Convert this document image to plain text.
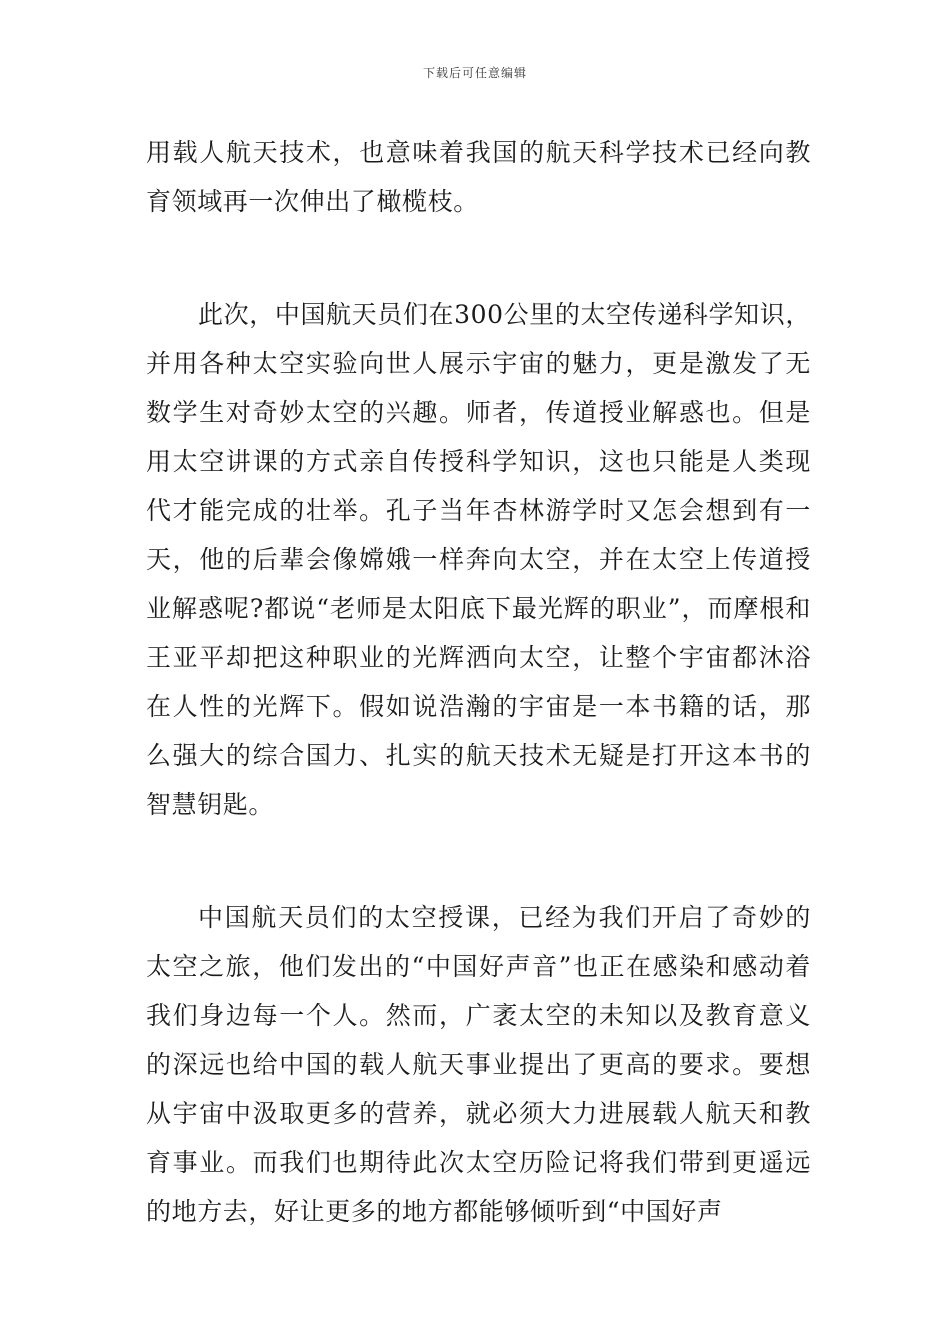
下载后可任意编辑

用载人航天技术，也意味着我国的航天科学技术已经向教育领域再一次伸出了橄榄枝。

此次，中国航天员们在300公里的太空传递科学知识，并用各种太空实验向世人展示宇宙的魅力，更是激发了无数学生对奇妙太空的兴趣。师者，传道授业解惑也。但是用太空讲课的方式亲自传授科学知识，这也只能是人类现代才能完成的壮举。孔子当年杏林游学时又怎会想到有一天，他的后辈会像嫦娥一样奔向太空，并在太空上传道授业解惑呢?都说“老师是太阳底下最光辉的职业”，而摩根和王亚平却把这种职业的光辉洒向太空，让整个宇宙都沐浴在人性的光辉下。假如说浩瀚的宇宙是一本书籍的话，那么强大的综合国力、扎实的航天技术无疑是打开这本书的智慧钥匙。

中国航天员们的太空授课，已经为我们开启了奇妙的太空之旅，他们发出的“中国好声音”也正在感染和感动着我们身边每一个人。然而，广袤太空的未知以及教育意义的深远也给中国的载人航天事业提出了更高的要求。要想从宇宙中汲取更多的营养，就必须大力进展载人航天和教育事业。而我们也期待此次太空历险记将我们带到更遥远的地方去，好让更多的地方都能够倾听到“中国好声
